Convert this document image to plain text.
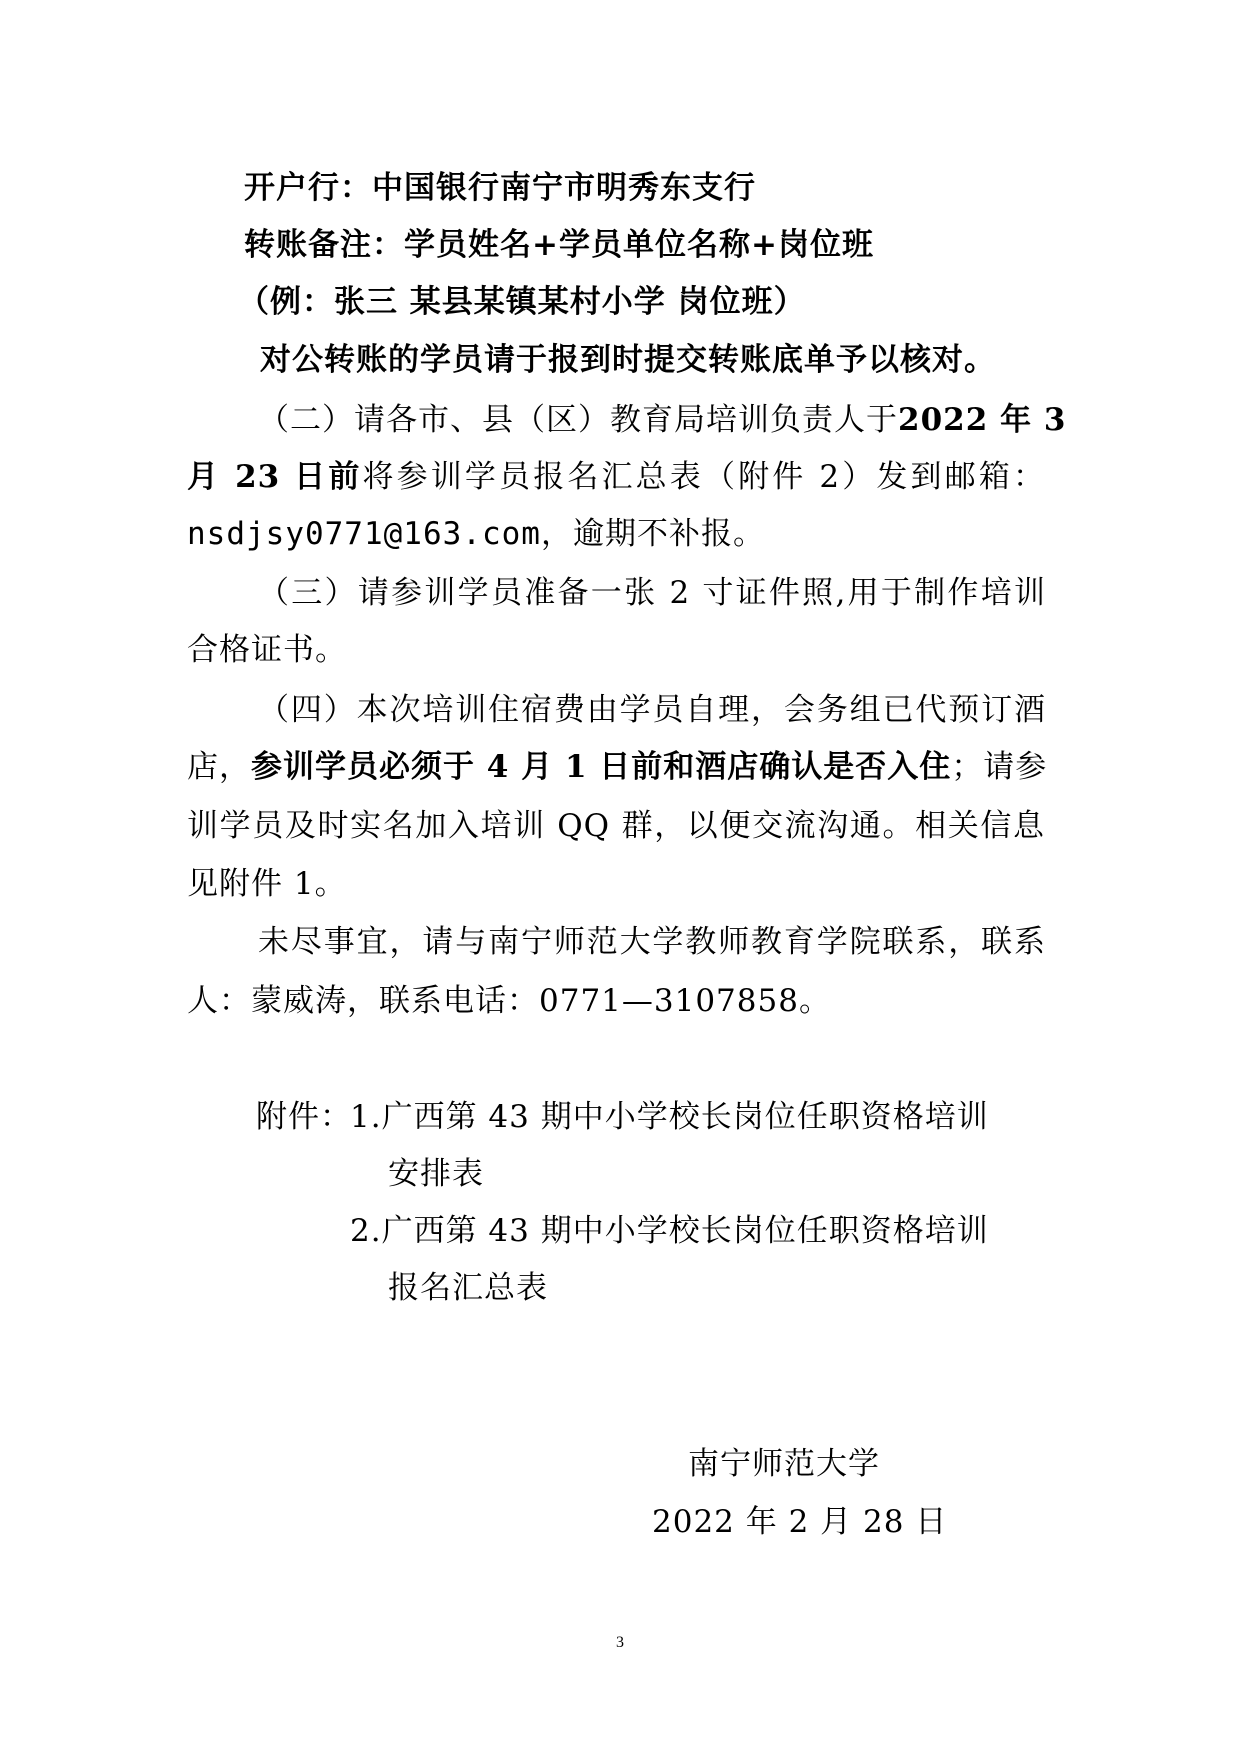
开户行：中国银行南宁市明秀东支行
转账备注：学员姓名+学员单位名称+岗位班
（例：张三 某县某镇某村小学 岗位班）
对公转账的学员请于报到时提交转账底单予以核对。
（二）请各市、县（区）教育局培训负责人于2022 年 3
月 23 日前将参训学员报名汇总表（附件 2）发到邮箱：
nsdjsy0771@163.com，逾期不补报。
（三）请参训学员准备一张 2 寸证件照,用于制作培训
合格证书。
（四）本次培训住宿费由学员自理，会务组已代预订酒
店，参训学员必须于 4 月 1 日前和酒店确认是否入住；请参
训学员及时实名加入培训 QQ 群，以便交流沟通。相关信息
见附件 1。
未尽事宜，请与南宁师范大学教师教育学院联系，联系
人：蒙威涛，联系电话：0771—3107858。
附件：
1.广西第 43 期中小学校长岗位任职资格培训
安排表
2.广西第 43 期中小学校长岗位任职资格培训
报名汇总表
南宁师范大学
2022 年 2 月 28 日
3
